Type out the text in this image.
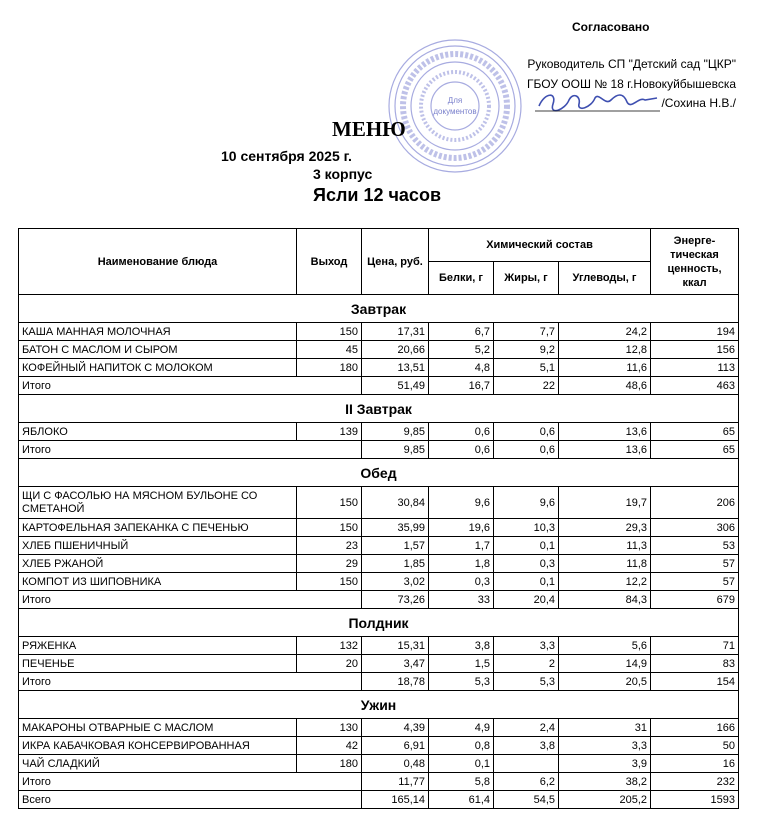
Согласовано
Для
документов
Руководитель СП "Детский сад "ЦКР"
ГБОУ ООШ № 18 г.Новокуйбышевска
/Сохина Н.В./
МЕНЮ
10 сентября 2025 г.
3 корпус
Ясли 12 часов
Наименование блюда	Выход	Цена, руб.	Химический состав			Энерге-тическая ценность, ккал
			Белки, г	Жиры, г	Углеводы, г	
Завтрак						
КАША МАННАЯ МОЛОЧНАЯ	150	17,31	6,7	7,7	24,2	194
БАТОН С МАСЛОМ И СЫРОМ	45	20,66	5,2	9,2	12,8	156
КОФЕЙНЫЙ НАПИТОК С МОЛОКОМ	180	13,51	4,8	5,1	11,6	113
Итого		51,49	16,7	22	48,6	463
II Завтрак						
ЯБЛОКО	139	9,85	0,6	0,6	13,6	65
Итого		9,85	0,6	0,6	13,6	65
Обед						
ЩИ С ФАСОЛЬЮ НА МЯСНОМ БУЛЬОНЕ СО СМЕТАНОЙ	150	30,84	9,6	9,6	19,7	206
КАРТОФЕЛЬНАЯ ЗАПЕКАНКА С ПЕЧЕНЬЮ	150	35,99	19,6	10,3	29,3	306
ХЛЕБ ПШЕНИЧНЫЙ	23	1,57	1,7	0,1	11,3	53
ХЛЕБ РЖАНОЙ	29	1,85	1,8	0,3	11,8	57
КОМПОТ ИЗ ШИПОВНИКА	150	3,02	0,3	0,1	12,2	57
Итого		73,26	33	20,4	84,3	679
Полдник						
РЯЖЕНКА	132	15,31	3,8	3,3	5,6	71
ПЕЧЕНЬЕ	20	3,47	1,5	2	14,9	83
Итого		18,78	5,3	5,3	20,5	154
Ужин						
МАКАРОНЫ ОТВАРНЫЕ С МАСЛОМ	130	4,39	4,9	2,4	31	166
ИКРА КАБАЧКОВАЯ КОНСЕРВИРОВАННАЯ	42	6,91	0,8	3,8	3,3	50
ЧАЙ СЛАДКИЙ	180	0,48	0,1		3,9	16
Итого		11,77	5,8	6,2	38,2	232
Всего		165,14	61,4	54,5	205,2	1593
